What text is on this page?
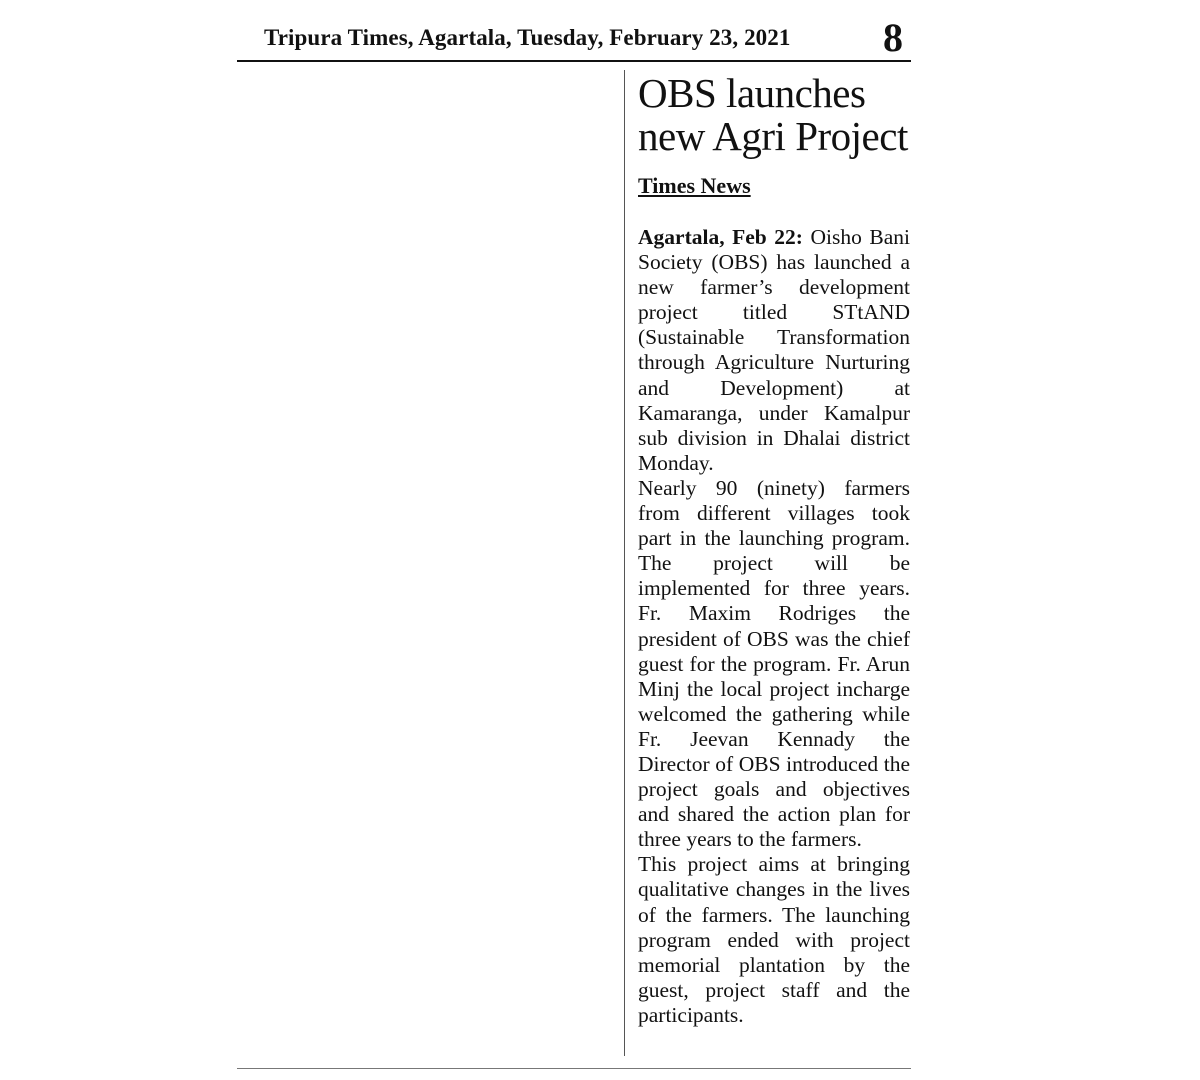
Tripura Times, Agartala, Tuesday, February 23, 2021 8
OBS launches
new Agri Project
Times News

Agartala, Feb 22: Oisho Bani Society (OBS) has launched a new farmer’s development project titled STtAND (Sustainable Transformation through Agriculture Nurturing and Development) at Kamaranga, under Kamalpur sub division in Dhalai district Monday.

Nearly 90 (ninety) farmers from different villages took part in the launching program. The project will be implemented for three years. Fr. Maxim Rodriges the president of OBS was the chief guest for the program. Fr. Arun Minj the local project incharge welcomed the gathering while Fr. Jeevan Kennady the Director of OBS introduced the project goals and objectives and shared the action plan for three years to the farmers.

This project aims at bringing qualitative changes in the lives of the farmers. The launching program ended with project memorial plantation by the guest, project staff and the participants.
